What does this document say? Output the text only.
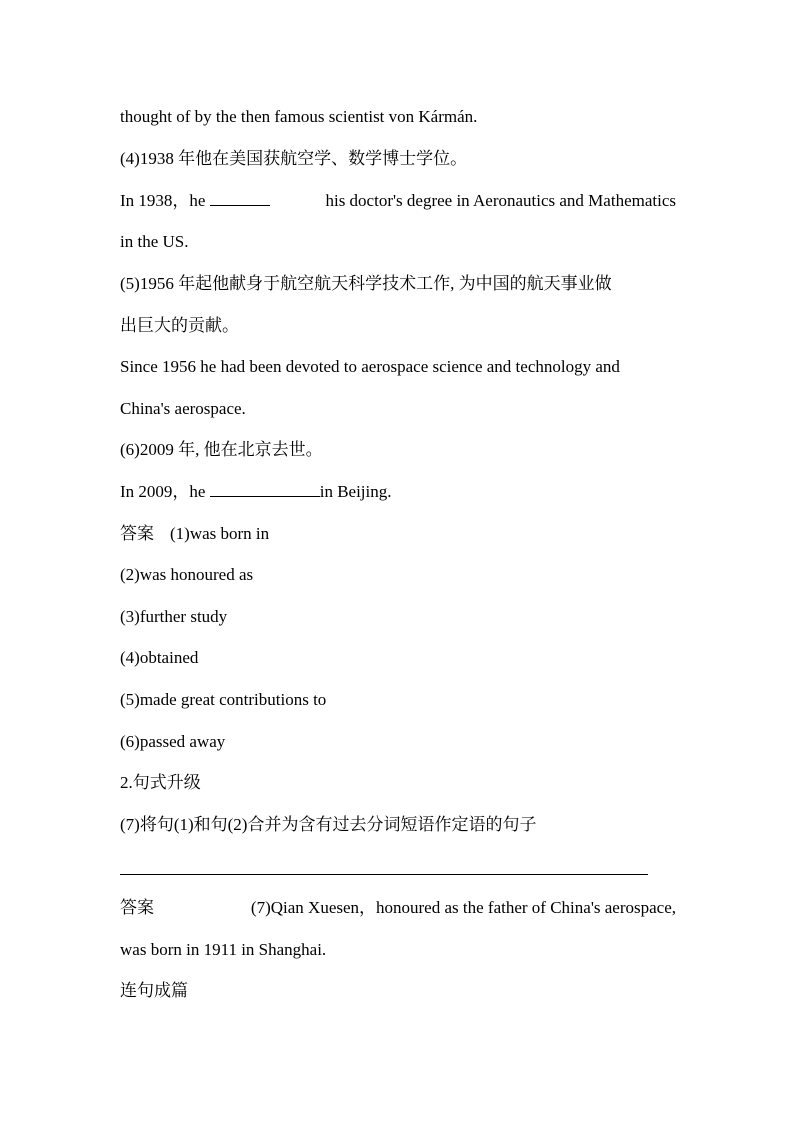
thought of by the then famous scientist von Kármán.
(4)1938 年他在美国获航空学、数学博士学位。
In 1938，he	his doctor's degree in Aeronautics and Mathematics
in the US.
(5)1956 年起他献身于航空航天科学技术工作, 为中国的航天事业做
出巨大的贡献。
Since 1956 he had been devoted to aerospace science and technology and
China's aerospace.
(6)2009 年, 他在北京去世。
In 2009，he	in Beijing.
答案 (1)was born in
(2)was honoured as
(3)further study
(4)obtained
(5)made great contributions to
(6)passed away
2.句式升级
(7)将句(1)和句(2)合并为含有过去分词短语作定语的句子
答案	(7)Qian Xuesen，honoured as the father of China's aerospace,
was born in 1911 in Shanghai.
连句成篇
